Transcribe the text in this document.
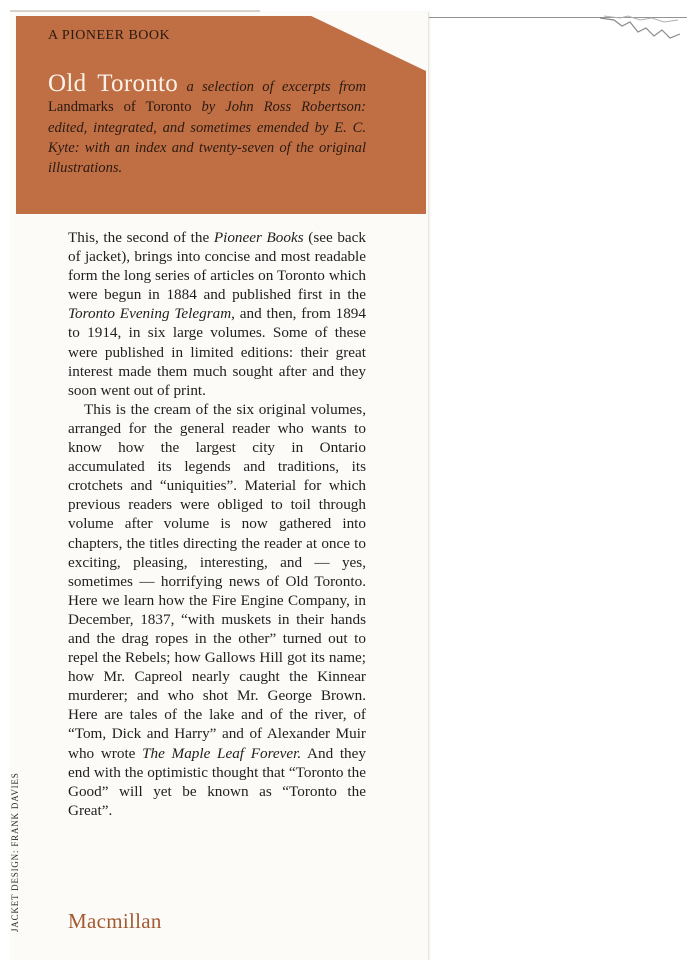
A PIONEER BOOK
Old Toronto a selection of excerpts from Landmarks of Toronto by John Ross Robertson: edited, integrated, and sometimes emended by E. C. Kyte: with an index and twenty-seven of the original illustrations.

This, the second of the Pioneer Books (see back of jacket), brings into concise and most readable form the long series of articles on Toronto which were begun in 1884 and published first in the Toronto Evening Telegram, and then, from 1894 to 1914, in six large volumes. Some of these were published in limited editions: their great interest made them much sought after and they soon went out of print.

This is the cream of the six original volumes, arranged for the general reader who wants to know how the largest city in Ontario accumulated its legends and traditions, its crotchets and “uniquities”. Material for which previous readers were obliged to toil through volume after volume is now gathered into chapters, the titles directing the reader at once to exciting, pleasing, interesting, and — yes, sometimes — horrifying news of Old Toronto. Here we learn how the Fire Engine Company, in December, 1837, “with muskets in their hands and the drag ropes in the other” turned out to repel the Rebels; how Gallows Hill got its name; how Mr. Capreol nearly caught the Kinnear murderer; and who shot Mr. George Brown. Here are tales of the lake and of the river, of “Tom, Dick and Harry” and of Alexander Muir who wrote The Maple Leaf Forever. And they end with the optimistic thought that “Toronto the Good” will yet be known as “Toronto the Great”.

Macmillan
JACKET DESIGN: FRANK DAVIES
